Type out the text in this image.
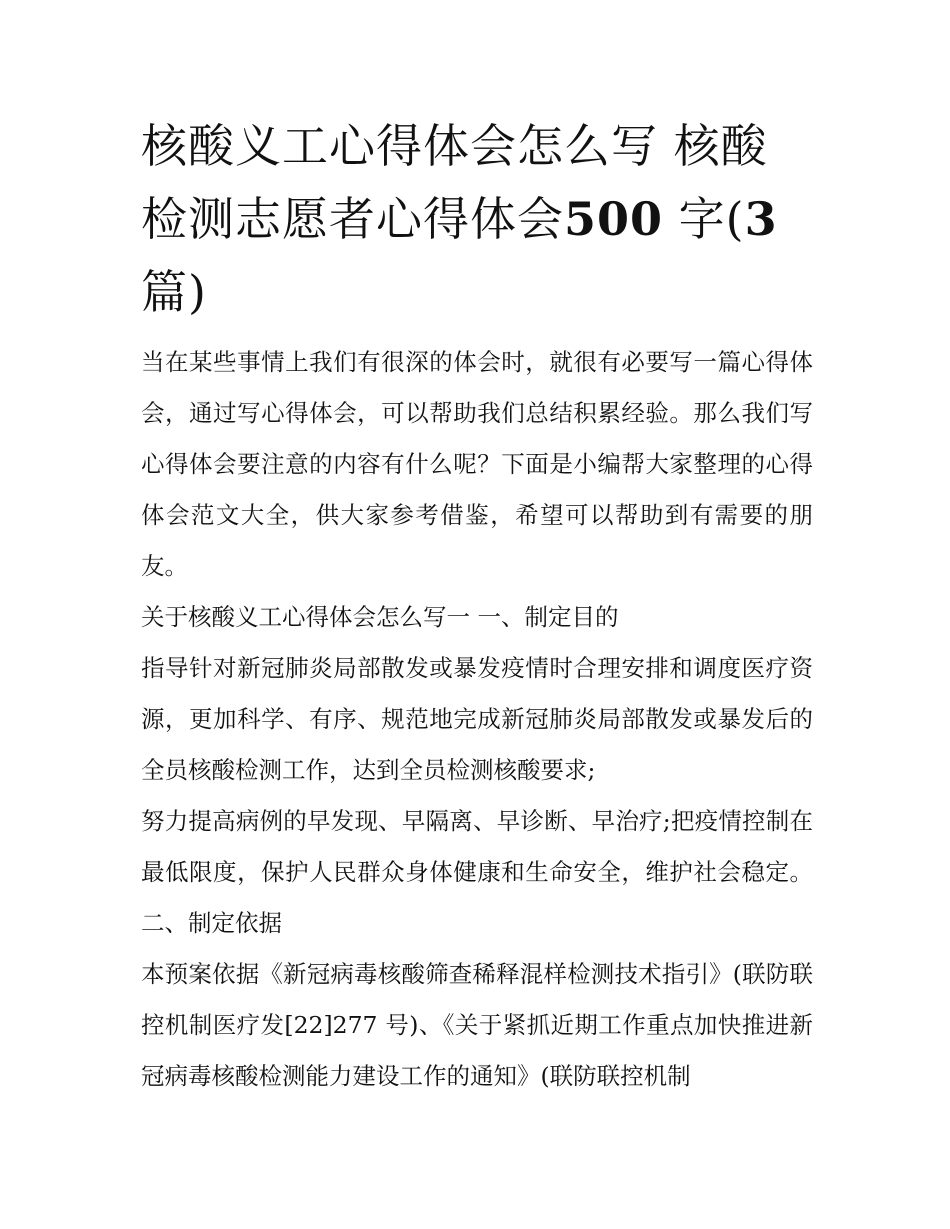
核酸义工心得体会怎么写 核酸检测志愿者心得体会500 字(3篇)

当在某些事情上我们有很深的体会时，就很有必要写一篇心得体会，通过写心得体会，可以帮助我们总结积累经验。那么我们写心得体会要注意的内容有什么呢？下面是小编帮大家整理的心得体会范文大全，供大家参考借鉴，希望可以帮助到有需要的朋友。

关于核酸义工心得体会怎么写一 一、制定目的

指导针对新冠肺炎局部散发或暴发疫情时合理安排和调度医疗资源，更加科学、有序、规范地完成新冠肺炎局部散发或暴发后的全员核酸检测工作，达到全员检测核酸要求;

努力提高病例的早发现、早隔离、早诊断、早治疗;把疫情控制在最低限度，保护人民群众身体健康和生命安全，维护社会稳定。 二、制定依据

本预案依据《新冠病毒核酸筛查稀释混样检测技术指引》(联防联控机制医疗发[22]277 号)、《关于紧抓近期工作重点加快推进新冠病毒核酸检测能力建设工作的通知》(联防联控机制
